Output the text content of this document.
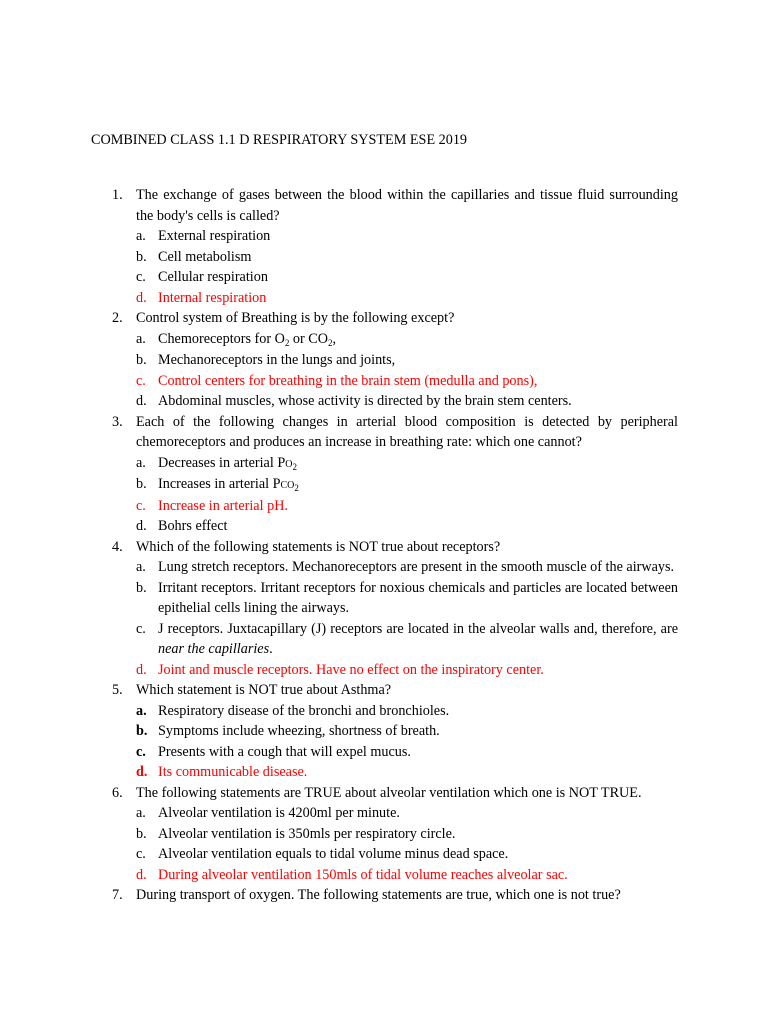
COMBINED CLASS 1.1 D RESPIRATORY SYSTEM ESE 2019
1. The exchange of gases between the blood within the capillaries and tissue fluid surrounding the body's cells is called?
a. External respiration
b. Cell metabolism
c. Cellular respiration
d. Internal respiration
2. Control system of Breathing is by the following except?
a. Chemoreceptors for $O_2$ or $CO_2$,
b. Mechanoreceptors in the lungs and joints,
c. Control centers for breathing in the brain stem (medulla and pons),
d. Abdominal muscles, whose activity is directed by the brain stem centers.
3. Each of the following changes in arterial blood composition is detected by peripheral chemoreceptors and produces an increase in breathing rate: which one cannot?
a. Decreases in arterial $Po_2$
b. Increases in arterial Pco$_2$
c. Increase in arterial pH.
d. Bohrs effect
4. Which of the following statements is NOT true about receptors?
a. Lung stretch receptors. Mechanoreceptors are present in the smooth muscle of the airways.
b. Irritant receptors. Irritant receptors for noxious chemicals and particles are located between epithelial cells lining the airways.
c. J receptors. Juxtacapillary (J) receptors are located in the alveolar walls and, therefore, are near the capillaries.
d. Joint and muscle receptors. Have no effect on the inspiratory center.
5. Which statement is NOT true about Asthma?
a. Respiratory disease of the bronchi and bronchioles.
b. Symptoms include wheezing, shortness of breath.
c. Presents with a cough that will expel mucus.
d. Its communicable disease.
6. The following statements are TRUE about alveolar ventilation which one is NOT TRUE.
a. Alveolar ventilation is 4200ml per minute.
b. Alveolar ventilation is 350mls per respiratory circle.
c. Alveolar ventilation equals to tidal volume minus dead space.
d. During alveolar ventilation 150mls of tidal volume reaches alveolar sac.
7. During transport of oxygen. The following statements are true, which one is not true?
